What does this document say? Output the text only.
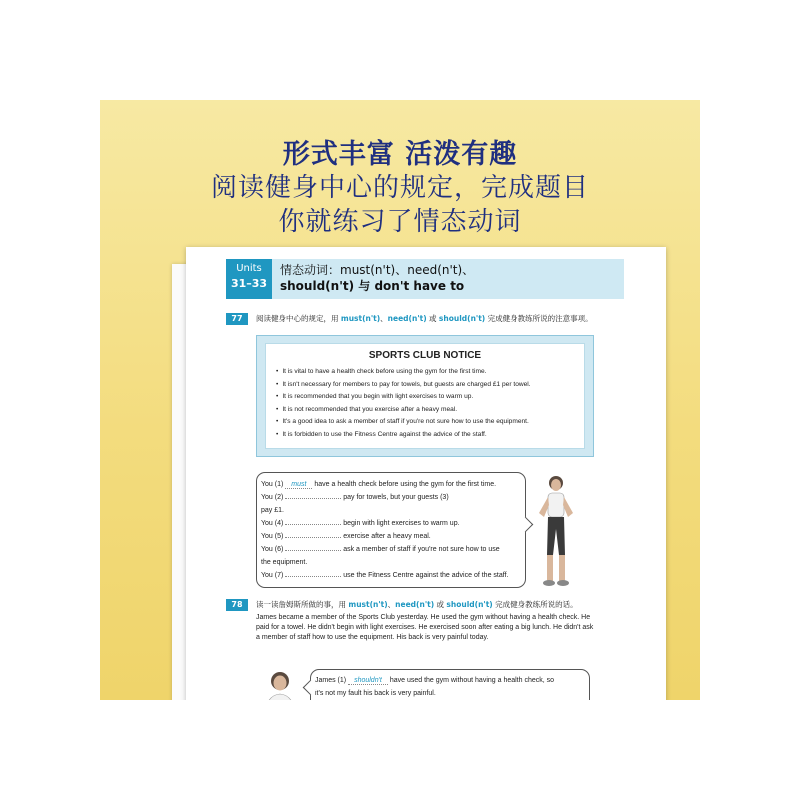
形式丰富 活泼有趣
阅读健身中心的规定，完成题目
你就练习了情态动词
Units
31–33
情态动词：must(n't)、need(n't)、
should(n't) 与 don't have to
77	阅读健身中心的规定，用 must(n't)、need(n't) 或 should(n't) 完成健身教练所说的注意事项。
SPORTS CLUB NOTICE
• It is vital to have a health check before using the gym for the first time.
• It isn't necessary for members to pay for towels, but guests are charged £1 per towel.
• It is recommended that you begin with light exercises to warm up.
• It is not recommended that you exercise after a heavy meal.
• It's a good idea to ask a member of staff if you're not sure how to use the equipment.
• It is forbidden to use the Fitness Centre against the advice of the staff.
You (1) must have a health check before using the gym for the first time.
You (2)	pay for towels, but your guests (3)
pay £1.
You (4)	begin with light exercises to warm up.
You (5)	exercise after a heavy meal.
You (6)	ask a member of staff if you're not sure how to use
the equipment.
You (7)	use the Fitness Centre against the advice of the staff.
78	读一读詹姆斯所做的事，用 must(n't)、need(n't) 或 should(n't) 完成健身教练所说的话。
James became a member of the Sports Club yesterday. He used the gym without having a health check. He paid for a towel. He didn't begin with light exercises. He exercised soon after eating a big lunch. He didn't ask a member of staff how to use the equipment. His back is very painful today.
James (1) shouldn't have used the gym without having a health check, so
it's not my fault his back is very painful.
